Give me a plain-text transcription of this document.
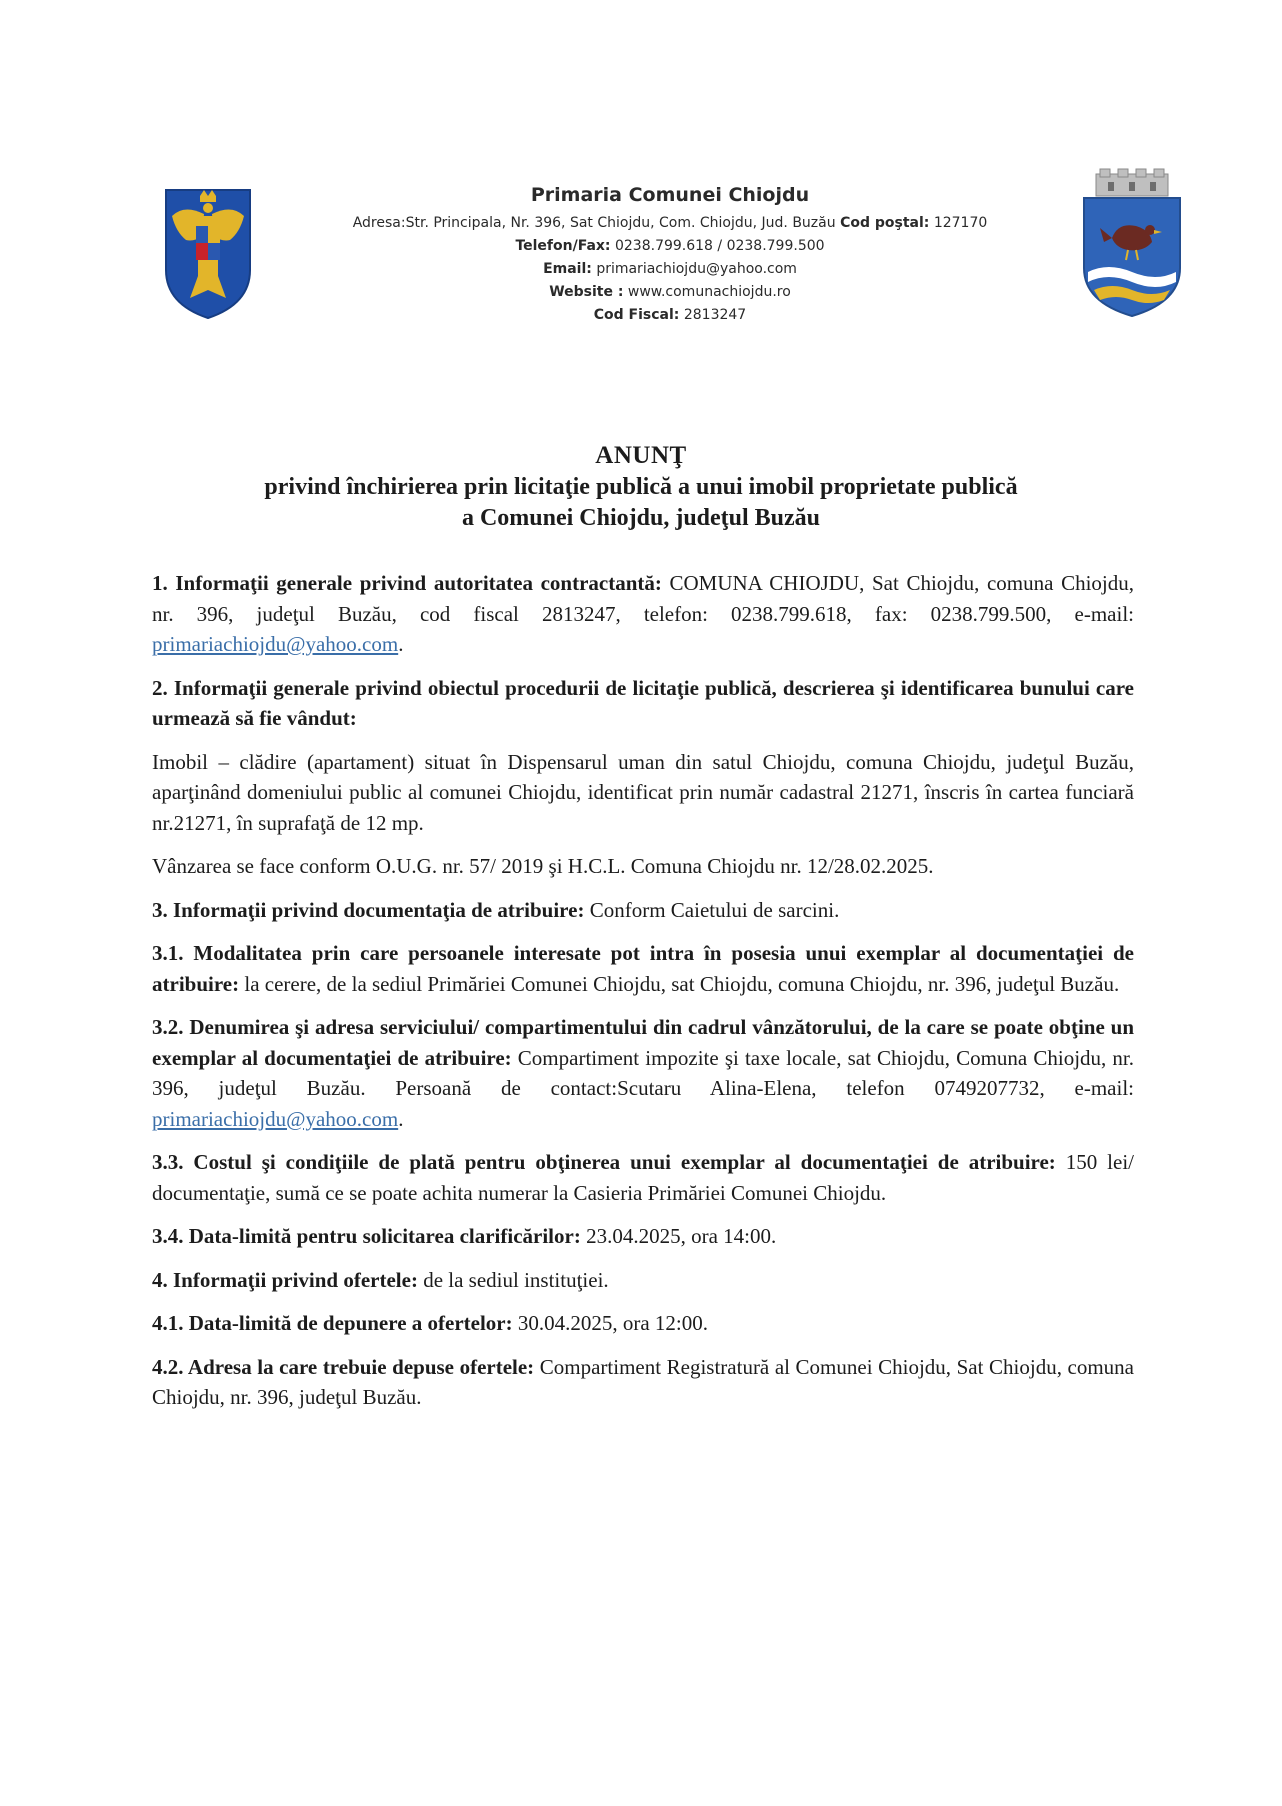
Primaria Comunei Chiojdu
Adresa:Str. Principala, Nr. 396, Sat Chiojdu, Com. Chiojdu, Jud. Buzău Cod poştal: 127170
Telefon/Fax: 0238.799.618 / 0238.799.500
Email: primariachiojdu@yahoo.com
Website : www.comunachiojdu.ro
Cod Fiscal: 2813247
ANUNŢ
privind închirierea prin licitaţie publică a unui imobil proprietate publică
a Comunei Chiojdu, judeţul Buzău

1. Informaţii generale privind autoritatea contractantă: COMUNA CHIOJDU, Sat Chiojdu, comuna Chiojdu, nr. 396, judeţul Buzău, cod fiscal 2813247, telefon: 0238.799.618, fax: 0238.799.500, e-mail: primariachiojdu@yahoo.com.

2. Informaţii generale privind obiectul procedurii de licitaţie publică, descrierea şi identificarea bunului care urmează să fie vândut:

Imobil – clădire (apartament) situat în Dispensarul uman din satul Chiojdu, comuna Chiojdu, judeţul Buzău, aparţinând domeniului public al comunei Chiojdu, identificat prin număr cadastral 21271, înscris în cartea funciară nr.21271, în suprafaţă de 12 mp.

Vânzarea se face conform O.U.G. nr. 57/ 2019 şi H.C.L. Comuna Chiojdu nr. 12/28.02.2025.

3. Informaţii privind documentaţia de atribuire: Conform Caietului de sarcini.

3.1. Modalitatea prin care persoanele interesate pot intra în posesia unui exemplar al documentaţiei de atribuire: la cerere, de la sediul Primăriei Comunei Chiojdu, sat Chiojdu, comuna Chiojdu, nr. 396, judeţul Buzău.

3.2. Denumirea şi adresa serviciului/ compartimentului din cadrul vânzătorului, de la care se poate obţine un exemplar al documentaţiei de atribuire: Compartiment impozite şi taxe locale, sat Chiojdu, Comuna Chiojdu, nr. 396, judeţul Buzău. Persoană de contact:Scutaru Alina-Elena, telefon 0749207732, e-mail: primariachiojdu@yahoo.com.

3.3. Costul şi condiţiile de plată pentru obţinerea unui exemplar al documentaţiei de atribuire: 150 lei/ documentaţie, sumă ce se poate achita numerar la Casieria Primăriei Comunei Chiojdu.

3.4. Data-limită pentru solicitarea clarificărilor: 23.04.2025, ora 14:00.

4. Informaţii privind ofertele: de la sediul instituţiei.

4.1. Data-limită de depunere a ofertelor: 30.04.2025, ora 12:00.

4.2. Adresa la care trebuie depuse ofertele: Compartiment Registratură al Comunei Chiojdu, Sat Chiojdu, comuna Chiojdu, nr. 396, judeţul Buzău.
